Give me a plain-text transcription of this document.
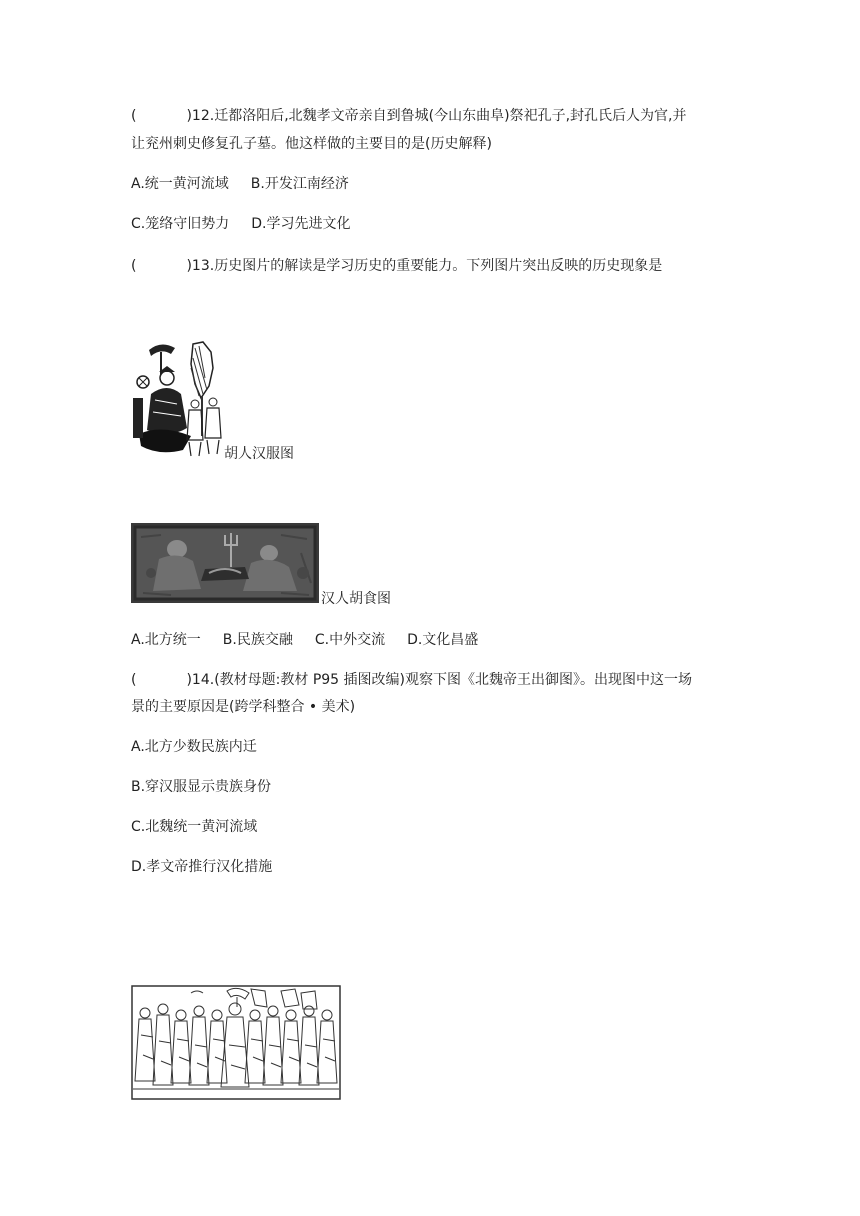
(	)12.迁都洛阳后,北魏孝文帝亲自到鲁城(今山东曲阜)祭祀孔子,封孔氏后人为官,并
让兖州刺史修复孔子墓。他这样做的主要目的是(历史解释)
A.统一黄河流域 B.开发江南经济
C.笼络守旧势力 D.学习先进文化
(	)13.历史图片的解读是学习历史的重要能力。下列图片突出反映的历史现象是
胡人汉服图
汉人胡食图
A.北方统一 B.民族交融 C.中外交流 D.文化昌盛
(	)14.(教材母题:教材 P95 插图改编)观察下图《北魏帝王出御图》。出现图中这一场
景的主要原因是(跨学科整合 • 美术)
A.北方少数民族内迁
B.穿汉服显示贵族身份
C.北魏统一黄河流域
D.孝文帝推行汉化措施
